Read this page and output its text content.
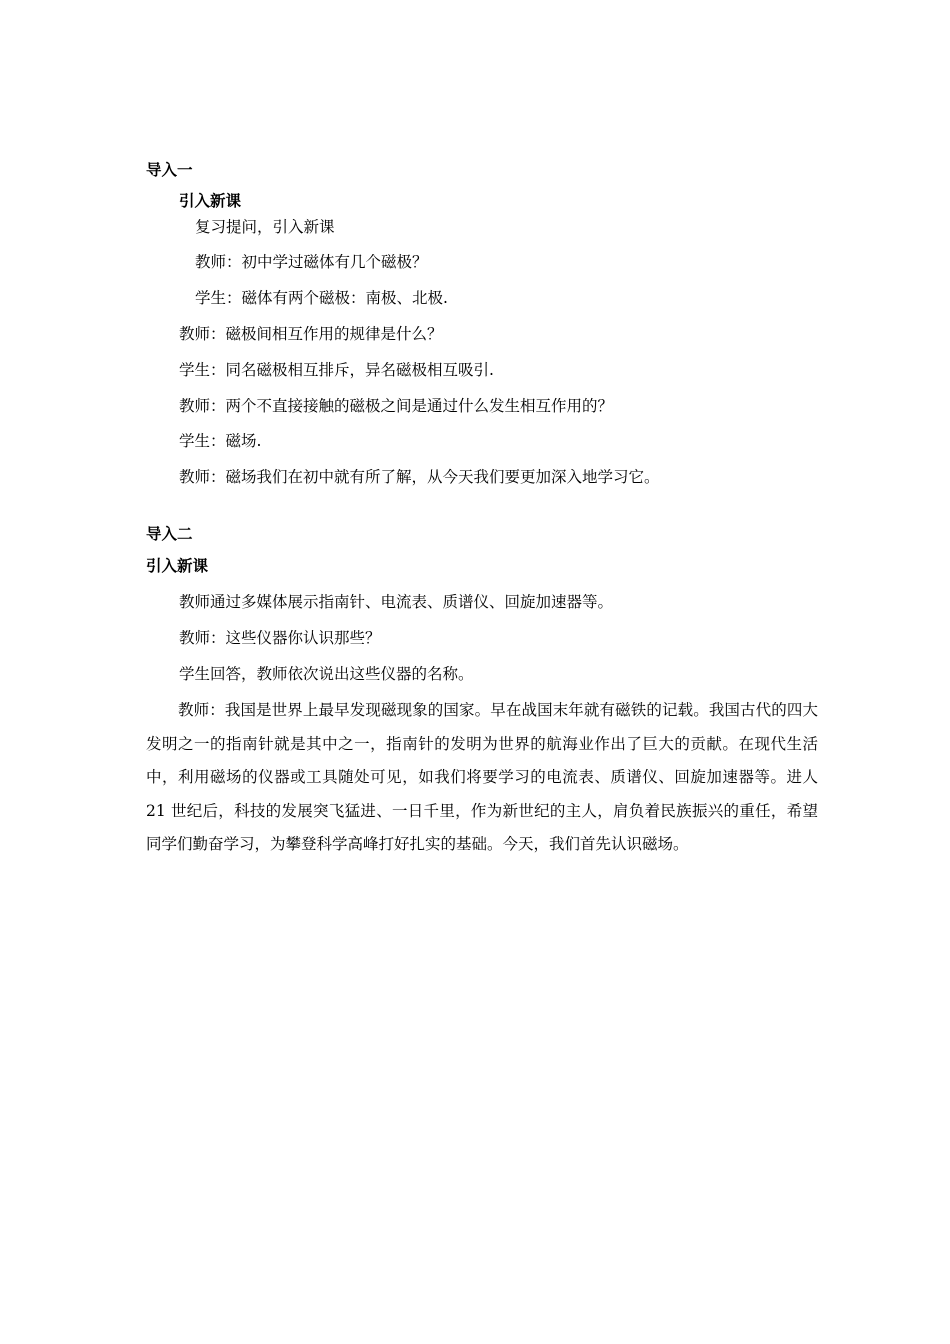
导入一

引入新课

复习提问，引入新课

教师：初中学过磁体有几个磁极？

学生：磁体有两个磁极：南极、北极.

教师：磁极间相互作用的规律是什么？

学生：同名磁极相互排斥，异名磁极相互吸引.

教师：两个不直接接触的磁极之间是通过什么发生相互作用的？

学生：磁场.

教师：磁场我们在初中就有所了解，从今天我们要更加深入地学习它。

导入二

引入新课

教师通过多媒体展示指南针、电流表、质谱仪、回旋加速器等。

教师：这些仪器你认识那些？

学生回答，教师依次说出这些仪器的名称。

教师：我国是世界上最早发现磁现象的国家。早在战国末年就有磁铁的记载。我国古代的四大发明之一的指南针就是其中之一，指南针的发明为世界的航海业作出了巨大的贡献。在现代生活中，利用磁场的仪器或工具随处可见，如我们将要学习的电流表、质谱仪、回旋加速器等。进人 21 世纪后，科技的发展突飞猛进、一日千里，作为新世纪的主人，肩负着民族振兴的重任，希望同学们勤奋学习，为攀登科学高峰打好扎实的基础。今天，我们首先认识磁场。
